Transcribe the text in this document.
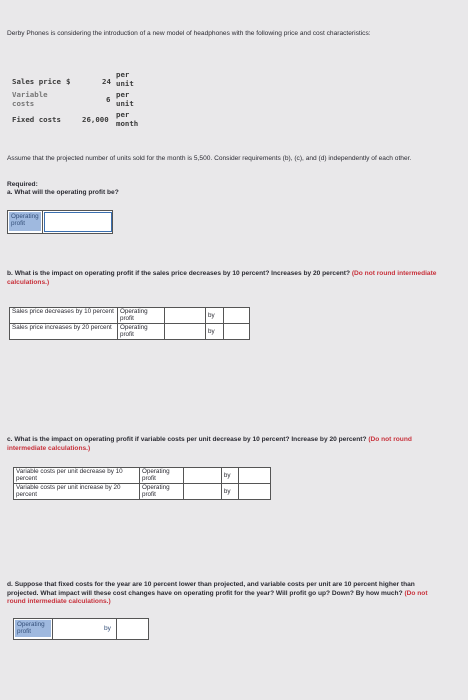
Derby Phones is considering the introduction of a new model of headphones with the following price and cost characteristics:
Sales price $	24
per
unit
Variable costs	6
per
unit
Fixed costs	26,000
per
month
Assume that the projected number of units sold for the month is 5,500. Consider requirements (b), (c), and (d) independently of each other.
Required:
a. What will the operating profit be?
Operating profit
b. What is the impact on operating profit if the sales price decreases by 10 percent? Increases by 20 percent? (Do not round intermediate calculations.)
Sales price decreases by 10 percent	Operating profit		by	
Sales price increases by 20 percent	Operating profit		by	
c. What is the impact on operating profit if variable costs per unit decrease by 10 percent? Increase by 20 percent? (Do not round intermediate calculations.)
Variable costs per unit decrease by 10 percent	Operating profit		by	
Variable costs per unit increase by 20 percent	Operating profit		by	
d. Suppose that fixed costs for the year are 10 percent lower than projected, and variable costs per unit are 10 percent higher than projected. What impact will these cost changes have on operating profit for the year? Will profit go up? Down? By how much? (Do not round intermediate calculations.)
Operating profit	by
